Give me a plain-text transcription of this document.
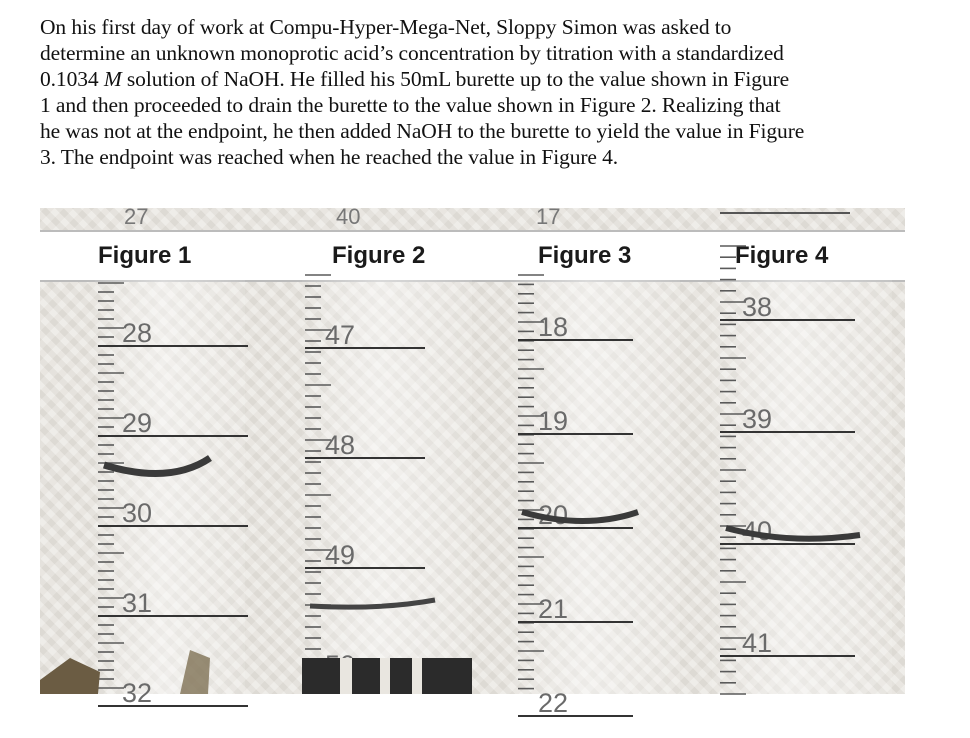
On his first day of work at Compu-Hyper-Mega-Net, Sloppy Simon was asked to

determine an unknown monoprotic acid’s concentration by titration with a standardized

0.1034 M solution of NaOH. He filled his 50mL burette up to the value shown in Figure

1 and then proceeded to drain the burette to the value shown in Figure 2. Realizing that

he was not at the endpoint, he then added NaOH to the burette to yield the value in Figure

3. The endpoint was reached when he reached the value in Figure 4.

27	40	17
Figure 1	Figure 2	Figure 3	Figure 4
28
29
30
31
32
47
48
49
18
19
20
21
22
38
39
40
41
